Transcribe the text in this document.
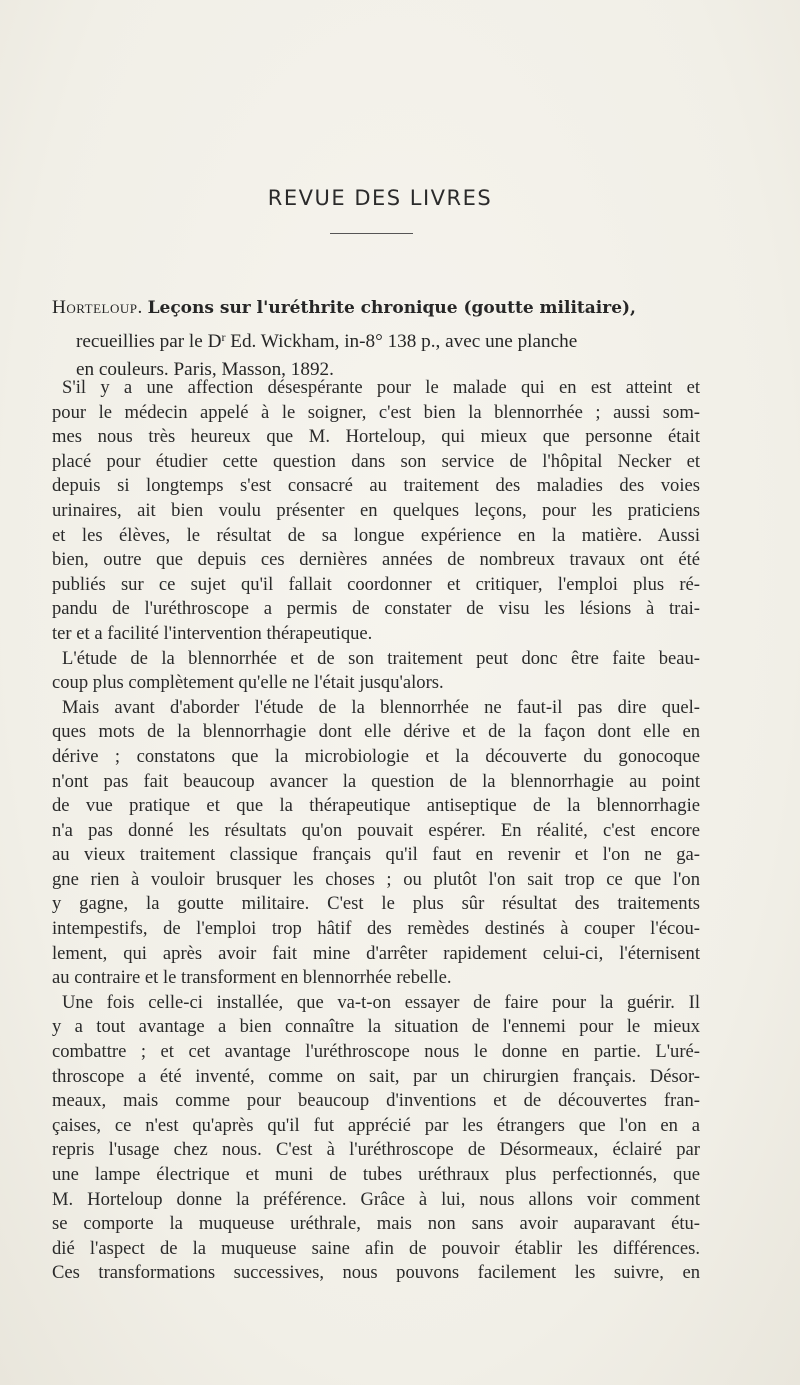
REVUE DES LIVRES
Horteloup. Leçons sur l'uréthrite chronique (goutte militaire),
recueillies par le $D^r$ Ed. Wickham, in-8° 138 p., avec une planche
en couleurs. Paris, Masson, 1892.
S'il y a une affection désespérante pour le malade qui en est atteint et
pour le médecin appelé à le soigner, c'est bien la blennorrhée ; aussi som-
mes nous très heureux que M. Horteloup, qui mieux que personne était
placé pour étudier cette question dans son service de l'hôpital Necker et
depuis si longtemps s'est consacré au traitement des maladies des voies
urinaires, ait bien voulu présenter en quelques leçons, pour les praticiens
et les élèves, le résultat de sa longue expérience en la matière. Aussi
bien, outre que depuis ces dernières années de nombreux travaux ont été
publiés sur ce sujet qu'il fallait coordonner et critiquer, l'emploi plus ré-
pandu de l'uréthroscope a permis de constater de visu les lésions à trai-
ter et a facilité l'intervention thérapeutique.
L'étude de la blennorrhée et de son traitement peut donc être faite beau-
coup plus complètement qu'elle ne l'était jusqu'alors.
Mais avant d'aborder l'étude de la blennorrhée ne faut-il pas dire quel-
ques mots de la blennorrhagie dont elle dérive et de la façon dont elle en
dérive ; constatons que la microbiologie et la découverte du gonocoque
n'ont pas fait beaucoup avancer la question de la blennorrhagie au point
de vue pratique et que la thérapeutique antiseptique de la blennorrhagie
n'a pas donné les résultats qu'on pouvait espérer. En réalité, c'est encore
au vieux traitement classique français qu'il faut en revenir et l'on ne ga-
gne rien à vouloir brusquer les choses ; ou plutôt l'on sait trop ce que l'on
y gagne, la goutte militaire. C'est le plus sûr résultat des traitements
intempestifs, de l'emploi trop hâtif des remèdes destinés à couper l'écou-
lement, qui après avoir fait mine d'arrêter rapidement celui-ci, l'éternisent
au contraire et le transforment en blennorrhée rebelle.
Une fois celle-ci installée, que va-t-on essayer de faire pour la guérir. Il
y a tout avantage a bien connaître la situation de l'ennemi pour le mieux
combattre ; et cet avantage l'uréthroscope nous le donne en partie. L'uré-
throscope a été inventé, comme on sait, par un chirurgien français. Désor-
meaux, mais comme pour beaucoup d'inventions et de découvertes fran-
çaises, ce n'est qu'après qu'il fut apprécié par les étrangers que l'on en a
repris l'usage chez nous. C'est à l'uréthroscope de Désormeaux, éclairé par
une lampe électrique et muni de tubes uréthraux plus perfectionnés, que
M. Horteloup donne la préférence. Grâce à lui, nous allons voir comment
se comporte la muqueuse uréthrale, mais non sans avoir auparavant étu-
dié l'aspect de la muqueuse saine afin de pouvoir établir les différences.
Ces transformations successives, nous pouvons facilement les suivre, en
